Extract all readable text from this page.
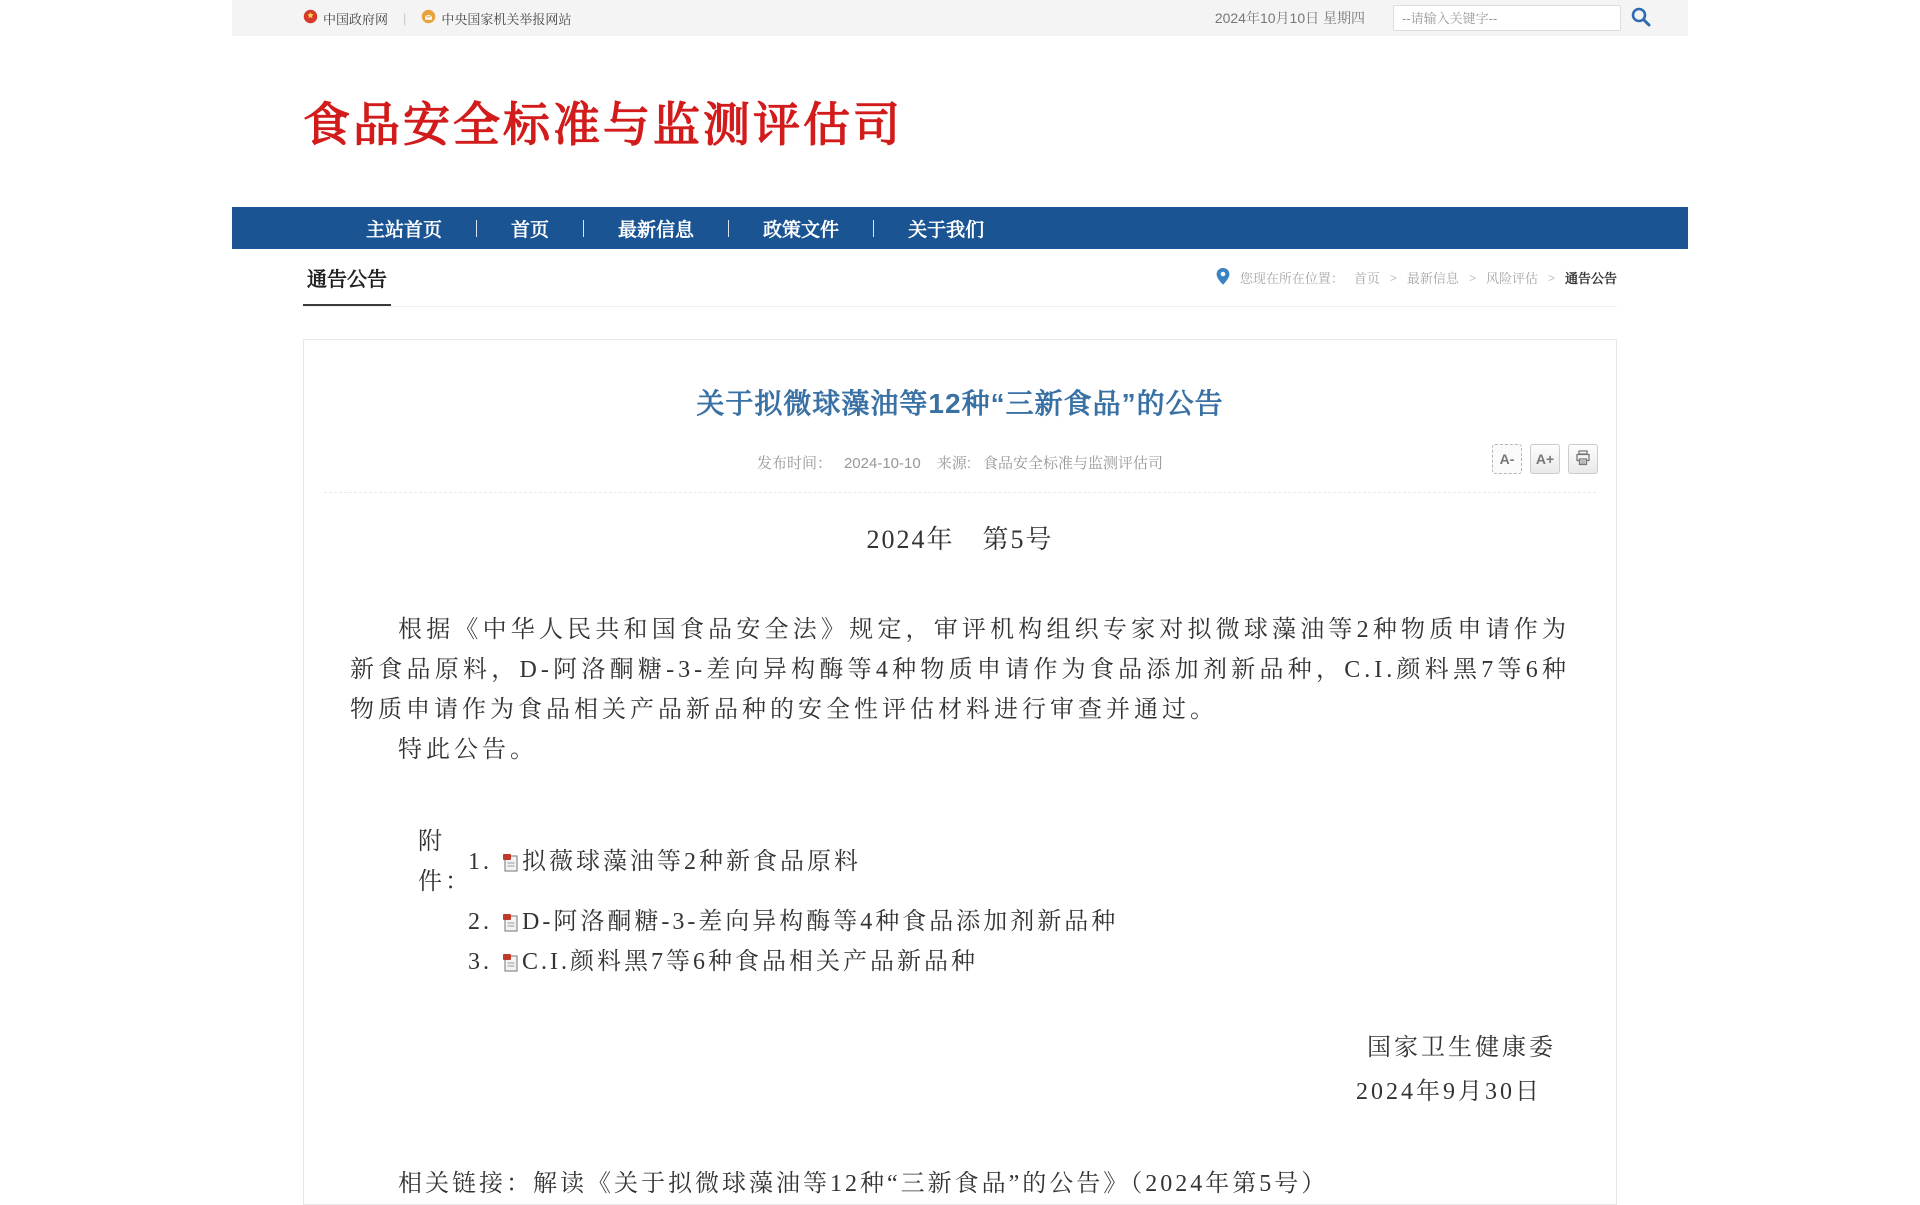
中国政府网 |	中央国家机关举报网站	2024年10月10日 星期四
--请输入关键字--
食品安全标准与监测评估司
主站首页	首页	最新信息	政策文件	关于我们
通告公告	您现在所在位置： 首页 > 最新信息 > 风险评估 > 通告公告
关于拟微球藻油等12种“三新食品”的公告
发布时间： 2024-10-10 来源: 食品安全标准与监测评估司	A-	A+
2024年　第5号

根据《中华人民共和国食品安全法》规定，审评机构组织专家对拟微球藻油等2种物质申请作为新食品原料，D-阿洛酮糖-3-差向异构酶等4种物质申请作为食品添加剂新品种，C.I.颜料黑7等6种物质申请作为食品相关产品新品种的安全性评估材料进行审查并通过。

特此公告。

附件：
1. 拟薇球藻油等2种新食品原料
2. D-阿洛酮糖-3-差向异构酶等4种食品添加剂新品种
3. C.I.颜料黑7等6种食品相关产品新品种
国家卫生健康委
2024年9月30日
相关链接：解读《关于拟微球藻油等12种“三新食品”的公告》（2024年第5号）
